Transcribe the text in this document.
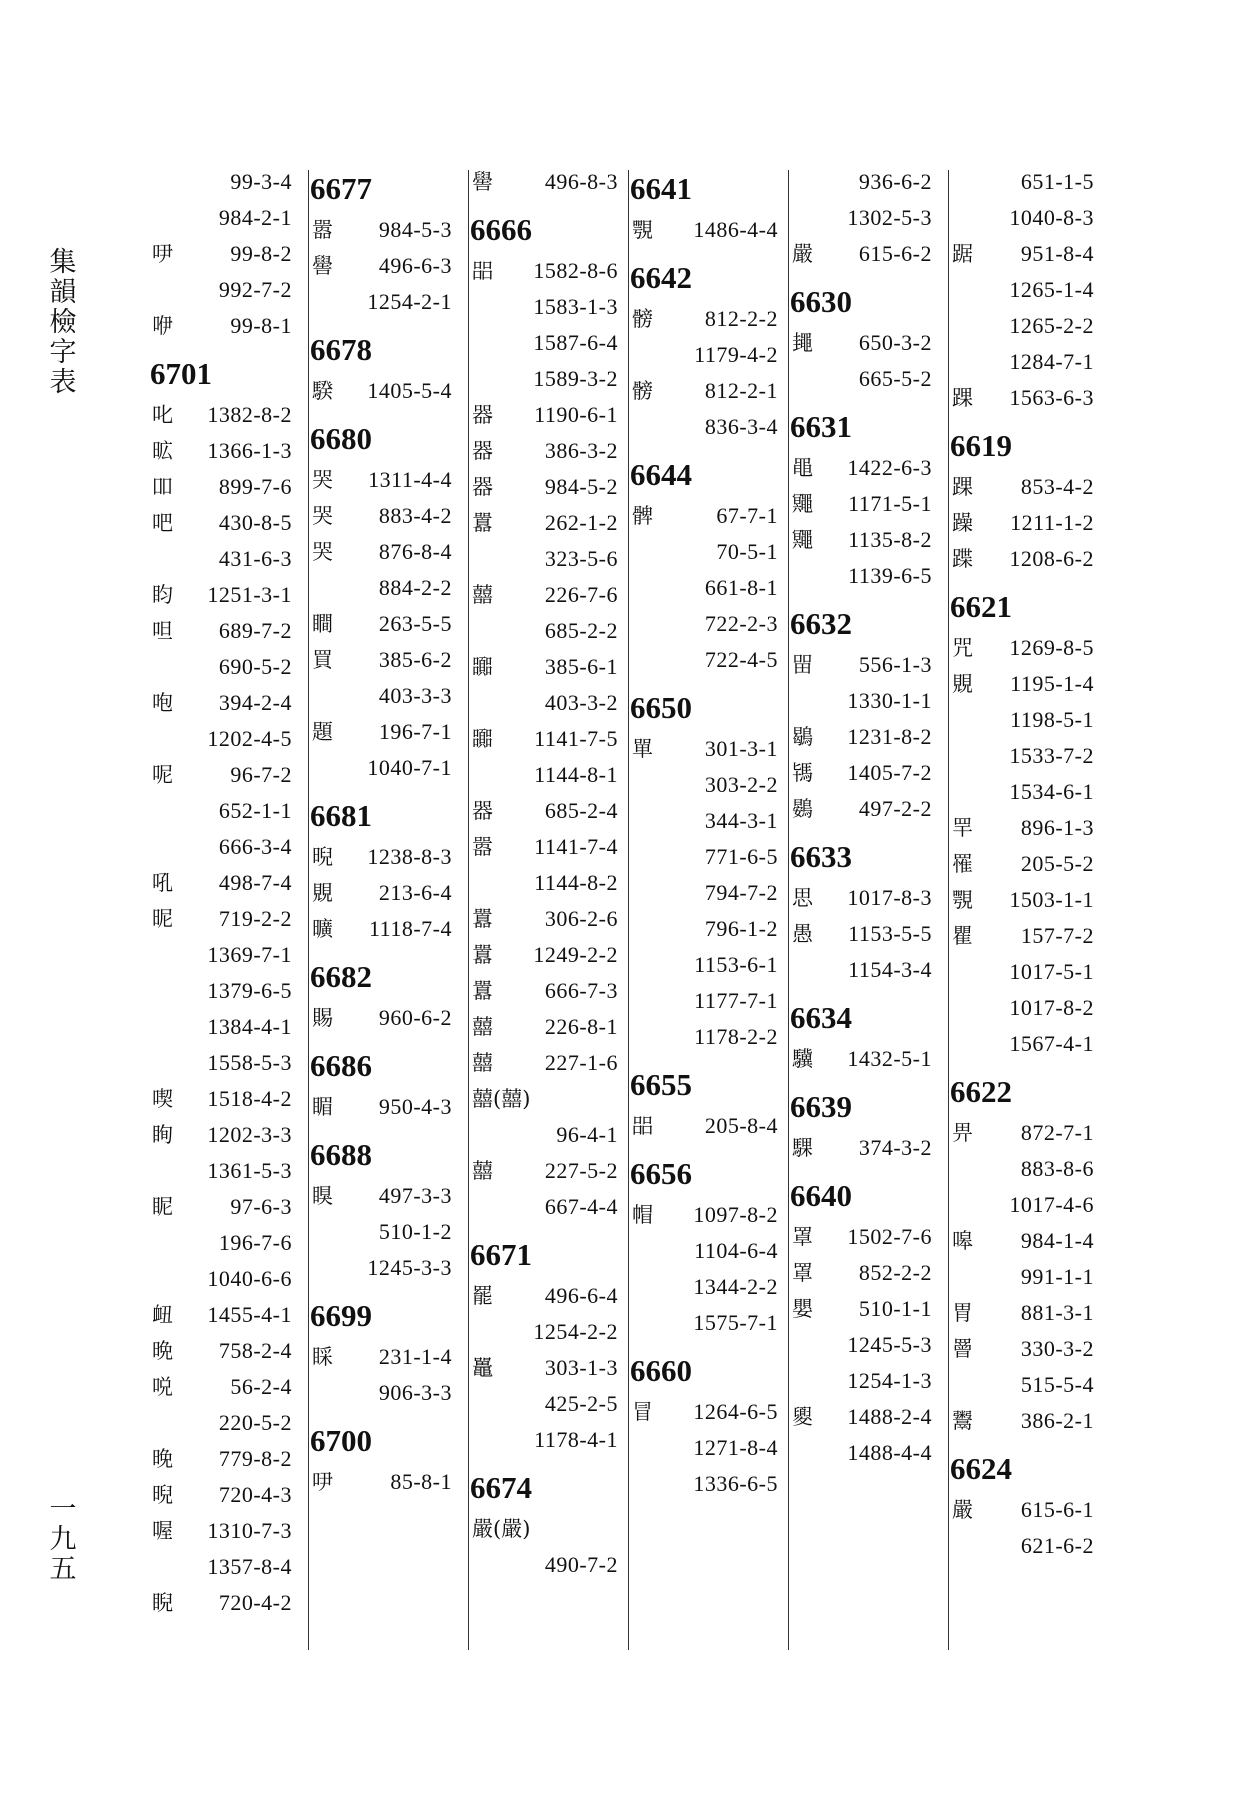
集韻檢字表
一九五
99-3-4
984-2-1
吚	99-8-2
992-7-2
咿	99-8-1
6701
叱 1382-8-2
昿 1366-1-3
吅 899-7-6
吧 430-8-5
431-6-3
盷 1251-3-1
呾 689-7-2
690-5-2
咆 394-2-4
1202-4-5
呢	96-7-2
652-1-1
666-3-4
吼 498-7-4
昵 719-2-2
1369-7-1
1379-6-5
1384-4-1
1558-5-3
喫 1518-4-2
眴 1202-3-3
1361-5-3
眤	97-6-3
196-7-6
1040-6-6
衄 1455-4-1
晩 758-2-4
哾	56-2-4
220-5-2
晚 779-8-2
晲 720-4-3
喔 1310-7-3
1357-8-4
睨 720-4-2
6677
嚣 984-5-3
嚳 496-6-3
1254-2-1
6678
騤 1405-5-4
6680
哭 1311-4-4
哭 883-4-2
哭 876-8-4
884-2-2
瞷 263-5-5
買 385-6-2
403-3-3
題 196-7-1
1040-7-1
6681
晲 1238-8-3
覞 213-6-4
曠 1118-7-4
6682
賜 960-6-2
6686
睸 950-4-3
6688
瞁 497-3-3
510-1-2
1245-3-3
6699
睬 231-1-4
906-3-3
6700
吚	85-8-1
嚳 496-8-3
6666
㗊 1582-8-6
1583-1-3
1587-6-4
1589-3-2
器 1190-6-1
器 386-3-2
器 984-5-2
囂 262-1-2
323-5-6
囍 226-7-6
685-2-2
嚻 385-6-1
403-3-2
嚻 1141-7-5
1144-8-1
器 685-2-4
嚣 1141-7-4
1144-8-2
囂 306-2-6
囂 1249-2-2
囂 666-7-3
囍 226-8-1
囍 227-1-6
囍(囍)
96-4-1
囍 227-5-2
667-4-4
6671
罷 496-6-4
1254-2-2
鼉 303-1-3
425-2-5
1178-4-1
6674
嚴(嚴)
490-7-2
6641
覨 1486-4-4
6642
髈 812-2-2
1179-4-2
髈 812-2-1
836-3-4
6644
髀	67-7-1
70-5-1
661-8-1
722-2-3
722-4-5
6650
單 301-3-1
303-2-2
344-3-1
771-6-5
794-7-2
796-1-2
1153-6-1
1177-7-1
1178-2-2
6655
㗊 205-8-4
6656
帽 1097-8-2
1104-6-4
1344-2-2
1575-7-1
6660
冒 1264-6-5
1271-8-4
1336-6-5
936-6-2
1302-5-3
嚴 615-6-2
6630
䵷 650-3-2
665-5-2
6631
黽 1422-6-3
鼆 1171-5-1
鼆 1135-8-2
1139-6-5
6632
㽞 556-1-3
1330-1-1
鶡 1231-8-2
駂 1405-7-2
鷃 497-2-2
6633
思 1017-8-3
愚 1153-5-5
1154-3-4
6634
驥 1432-5-1
6639
騍 374-3-2
6640
罩 1502-7-6
罩 852-2-2
嬰 510-1-1
1245-5-3
1254-1-3
夓 1488-2-4
1488-4-4
651-1-5
1040-8-3
踞 951-8-4
1265-1-4
1265-2-2
1284-7-1
踝 1563-6-3
6619
踝 853-4-2
躁 1211-1-2
蹀 1208-6-2
6621
咒 1269-8-5
覞 1195-1-4
1198-5-1
1533-7-2
1534-6-1
䍐 896-1-3
罹 205-5-2
覨 1503-1-1
瞿 157-7-2
1017-5-1
1017-8-2
1567-4-1
6622
畀 872-7-1
883-8-6
1017-4-6
嗥 984-1-4
991-1-1
胃 881-3-1
罾 330-3-2
515-5-4
鬻 386-2-1
6624
嚴 615-6-1
621-6-2
